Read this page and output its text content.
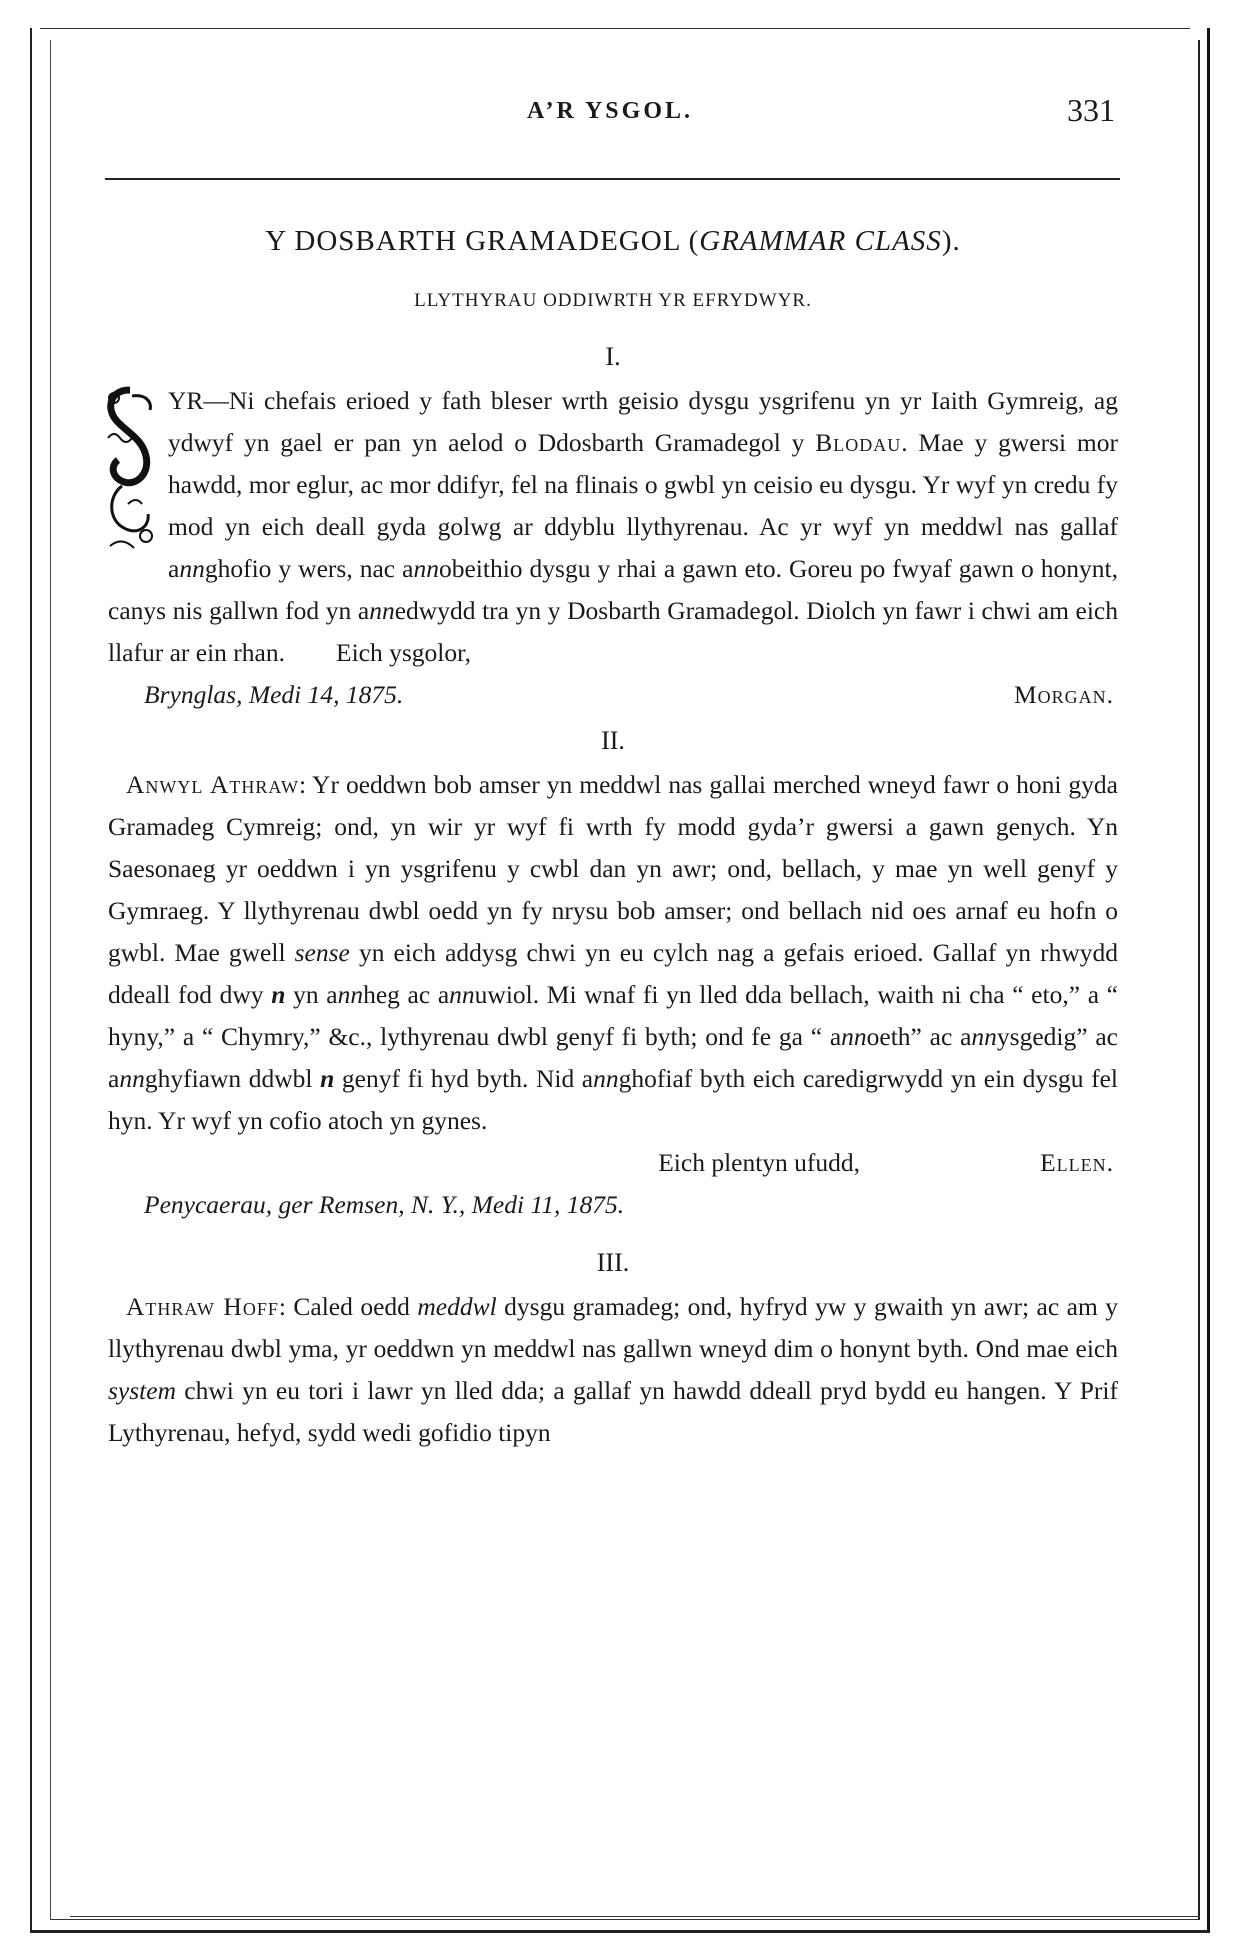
A’R YSGOL.	331
Y DOSBARTH GRAMADEGOL (GRAMMAR CLASS).
LLYTHYRAU ODDIWRTH YR EFRYDWYR.
I.

YR—Ni chefais erioed y fath bleser wrth geisio dysgu ysgrifenu yn yr Iaith Gymreig, ag ydwyf yn gael er pan yn aelod o Ddosbarth Gramadegol y Blodau. Mae y gwersi mor hawdd, mor eglur, ac mor ddifyr, fel na flinais o gwbl yn ceisio eu dysgu. Yr wyf yn credu fy mod yn eich deall gyda golwg ar ddyblu llythyrenau. Ac yr wyf yn meddwl nas gallaf annghofio y wers, nac annobeithio dysgu y rhai a gawn eto. Goreu po fwyaf gawn o honynt, canys nis gallwn fod yn annedwydd tra yn y Dosbarth Gramadegol. Diolch yn fawr i chwi am eich llafur ar ein rhan. Eich ysgolor,

Brynglas, Medi 14, 1875.	Morgan.
II.

Anwyl Athraw: Yr oeddwn bob amser yn meddwl nas gallai merched wneyd fawr o honi gyda Gramadeg Cymreig; ond, yn wir yr wyf fi wrth fy modd gyda’r gwersi a gawn genych. Yn Saesonaeg yr oeddwn i yn ysgrifenu y cwbl dan yn awr; ond, bellach, y mae yn well genyf y Gymraeg. Y llythyrenau dwbl oedd yn fy nrysu bob amser; ond bellach nid oes arnaf eu hofn o gwbl. Mae gwell sense yn eich addysg chwi yn eu cylch nag a gefais erioed. Gallaf yn rhwydd ddeall fod dwy n yn annheg ac annuwiol. Mi wnaf fi yn lled dda bellach, waith ni cha “ eto,” a “ hyny,” a “ Chymry,” &c., lythyrenau dwbl genyf fi byth; ond fe ga “ annoeth” ac annysgedig” ac annghyfiawn ddwbl n genyf fi hyd byth. Nid annghofiaf byth eich caredigrwydd yn ein dysgu fel hyn. Yr wyf yn cofio atoch yn gynes.

Eich plentyn ufudd,	Ellen.
Penycaerau, ger Remsen, N. Y., Medi 11, 1875.
III.

Athraw Hoff: Caled oedd meddwl dysgu gramadeg; ond, hyfryd yw y gwaith yn awr; ac am y llythyrenau dwbl yma, yr oeddwn yn meddwl nas gallwn wneyd dim o honynt byth. Ond mae eich system chwi yn eu tori i lawr yn lled dda; a gallaf yn hawdd ddeall pryd bydd eu hangen. Y Prif Lythyrenau, hefyd, sydd wedi gofidio tipyn
